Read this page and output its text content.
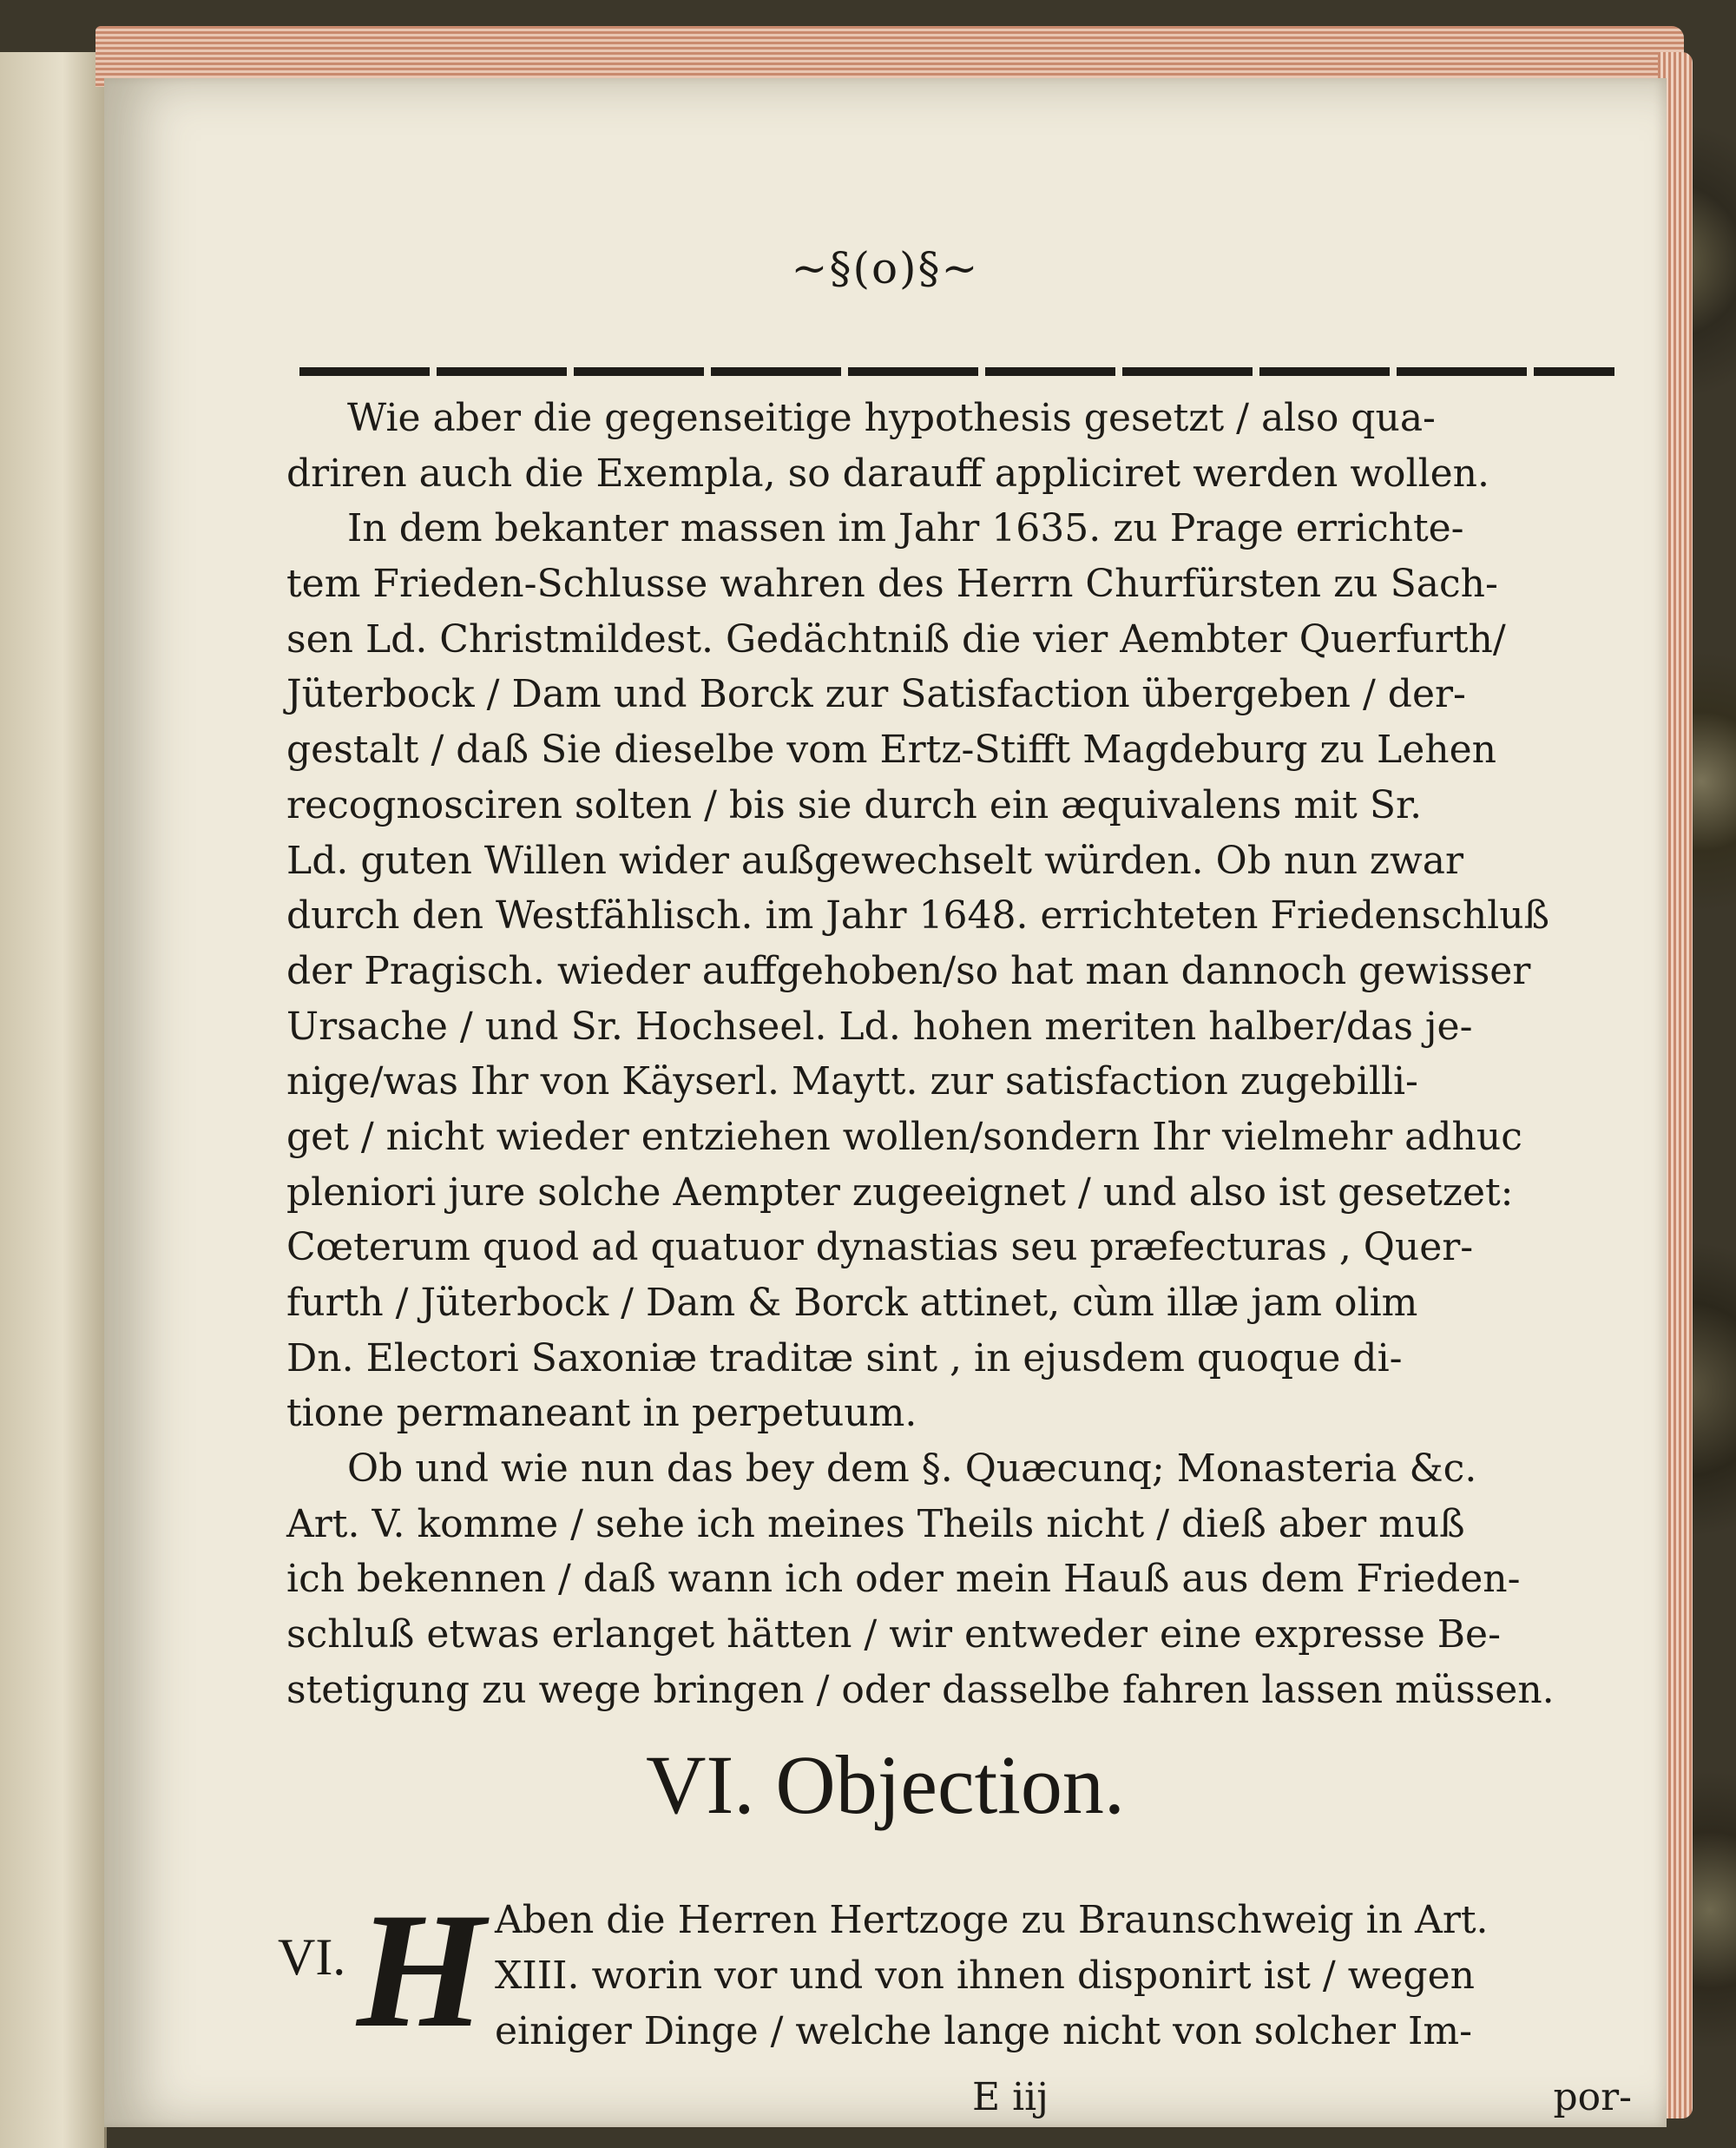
~§(o)§~
Wie aber die gegenseitige hypothesis gesetzt / also qua-
driren auch die Exempla, so darauff appliciret werden wollen.
In dem bekanter massen im Jahr 1635. zu Prage errichte-
tem Frieden-Schlusse wahren des Herrn Churfürsten zu Sach-
sen Ld. Christmildest. Gedächtniß die vier Aembter Querfurth/
Jüterbock / Dam und Borck zur Satisfaction übergeben / der-
gestalt / daß Sie dieselbe vom Ertz-Stifft Magdeburg zu Lehen
recognosciren solten / bis sie durch ein æquivalens mit Sr.
Ld. guten Willen wider außgewechselt würden. Ob nun zwar
durch den Westfählisch. im Jahr 1648. errichteten Friedenschluß
der Pragisch. wieder auffgehoben/so hat man dannoch gewisser
Ursache / und Sr. Hochseel. Ld. hohen meriten halber/das je-
nige/was Ihr von Käyserl. Maytt. zur satisfaction zugebilli-
get / nicht wieder entziehen wollen/sondern Ihr vielmehr adhuc
pleniori jure solche Aempter zugeeignet / und also ist gesetzet:
Cœterum quod ad quatuor dynastias seu præfecturas , Quer-
furth / Jüterbock / Dam & Borck attinet, cùm illæ jam olim
Dn. Electori Saxoniæ traditæ sint , in ejusdem quoque di-
tione permaneant in perpetuum.
Ob und wie nun das bey dem §. Quæcunq; Monasteria &c.
Art. V. komme / sehe ich meines Theils nicht / dieß aber muß
ich bekennen / daß wann ich oder mein Hauß aus dem Frieden-
schluß etwas erlanget hätten / wir entweder eine expresse Be-
stetigung zu wege bringen / oder dasselbe fahren lassen müssen.
VI. Objection.
VI. H Aben die Herren Hertzoge zu Braunschweig in Art.
XIII. worin vor und von ihnen disponirt ist / wegen
einiger Dinge / welche lange nicht von solcher Im-
E iij	por-
